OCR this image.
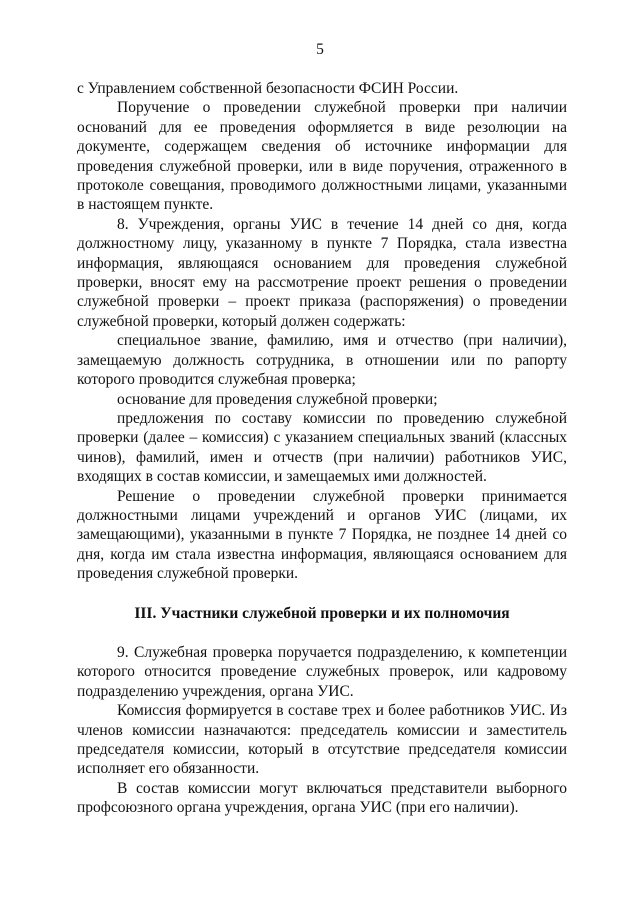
5

с Управлением собственной безопасности ФСИН России.

Поручение о проведении служебной проверки при наличии оснований для ее проведения оформляется в виде резолюции на документе, содержащем сведения об источнике информации для проведения служебной проверки, или в виде поручения, отраженного в протоколе совещания, проводимого должностными лицами, указанными в настоящем пункте.

8. Учреждения, органы УИС в течение 14 дней со дня, когда должностному лицу, указанному в пункте 7 Порядка, стала известна информация, являющаяся основанием для проведения служебной проверки, вносят ему на рассмотрение проект решения о проведении служебной проверки – проект приказа (распоряжения) о проведении служебной проверки, который должен содержать:

специальное звание, фамилию, имя и отчество (при наличии), замещаемую должность сотрудника, в отношении или по рапорту которого проводится служебная проверка;

основание для проведения служебной проверки;

предложения по составу комиссии по проведению служебной проверки (далее – комиссия) с указанием специальных званий (классных чинов), фамилий, имен и отчеств (при наличии) работников УИС, входящих в состав комиссии, и замещаемых ими должностей.

Решение о проведении служебной проверки принимается должностными лицами учреждений и органов УИС (лицами, их замещающими), указанными в пункте 7 Порядка, не позднее 14 дней со дня, когда им стала известна информация, являющаяся основанием для проведения служебной проверки.

III. Участники служебной проверки и их полномочия

9. Служебная проверка поручается подразделению, к компетенции которого относится проведение служебных проверок, или кадровому подразделению учреждения, органа УИС.

Комиссия формируется в составе трех и более работников УИС. Из членов комиссии назначаются: председатель комиссии и заместитель председателя комиссии, который в отсутствие председателя комиссии исполняет его обязанности.

В состав комиссии могут включаться представители выборного профсоюзного органа учреждения, органа УИС (при его наличии).
